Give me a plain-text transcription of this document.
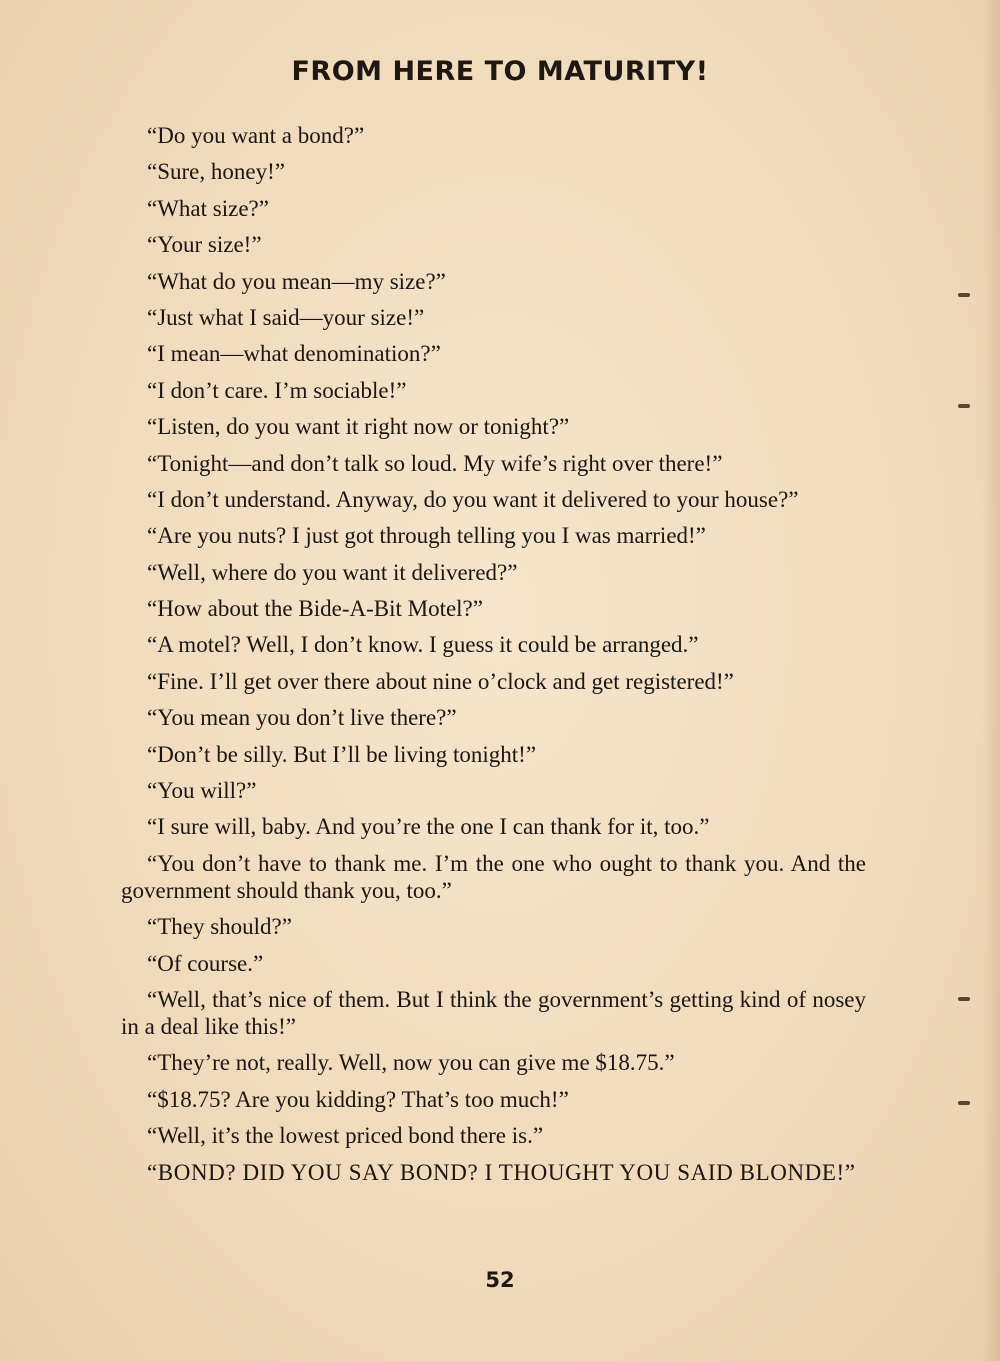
FROM HERE TO MATURITY!

“Do you want a bond?”

“Sure, honey!”

“What size?”

“Your size!”

“What do you mean—my size?”

“Just what I said—your size!”

“I mean—what denomination?”

“I don’t care. I’m sociable!”

“Listen, do you want it right now or tonight?”

“Tonight—and don’t talk so loud. My wife’s right over there!”

“I don’t understand. Anyway, do you want it delivered to your house?”

“Are you nuts? I just got through telling you I was married!”

“Well, where do you want it delivered?”

“How about the Bide-A-Bit Motel?”

“A motel? Well, I don’t know. I guess it could be arranged.”

“Fine. I’ll get over there about nine o’clock and get registered!”

“You mean you don’t live there?”

“Don’t be silly. But I’ll be living tonight!”

“You will?”

“I sure will, baby. And you’re the one I can thank for it, too.”

“You don’t have to thank me. I’m the one who ought to thank you. And the government should thank you, too.”

“They should?”

“Of course.”

“Well, that’s nice of them. But I think the government’s getting kind of nosey in a deal like this!”

“They’re not, really. Well, now you can give me $18.75.”

“$18.75? Are you kidding? That’s too much!”

“Well, it’s the lowest priced bond there is.”

“BOND? DID YOU SAY BOND? I THOUGHT YOU SAID BLONDE!”

52
